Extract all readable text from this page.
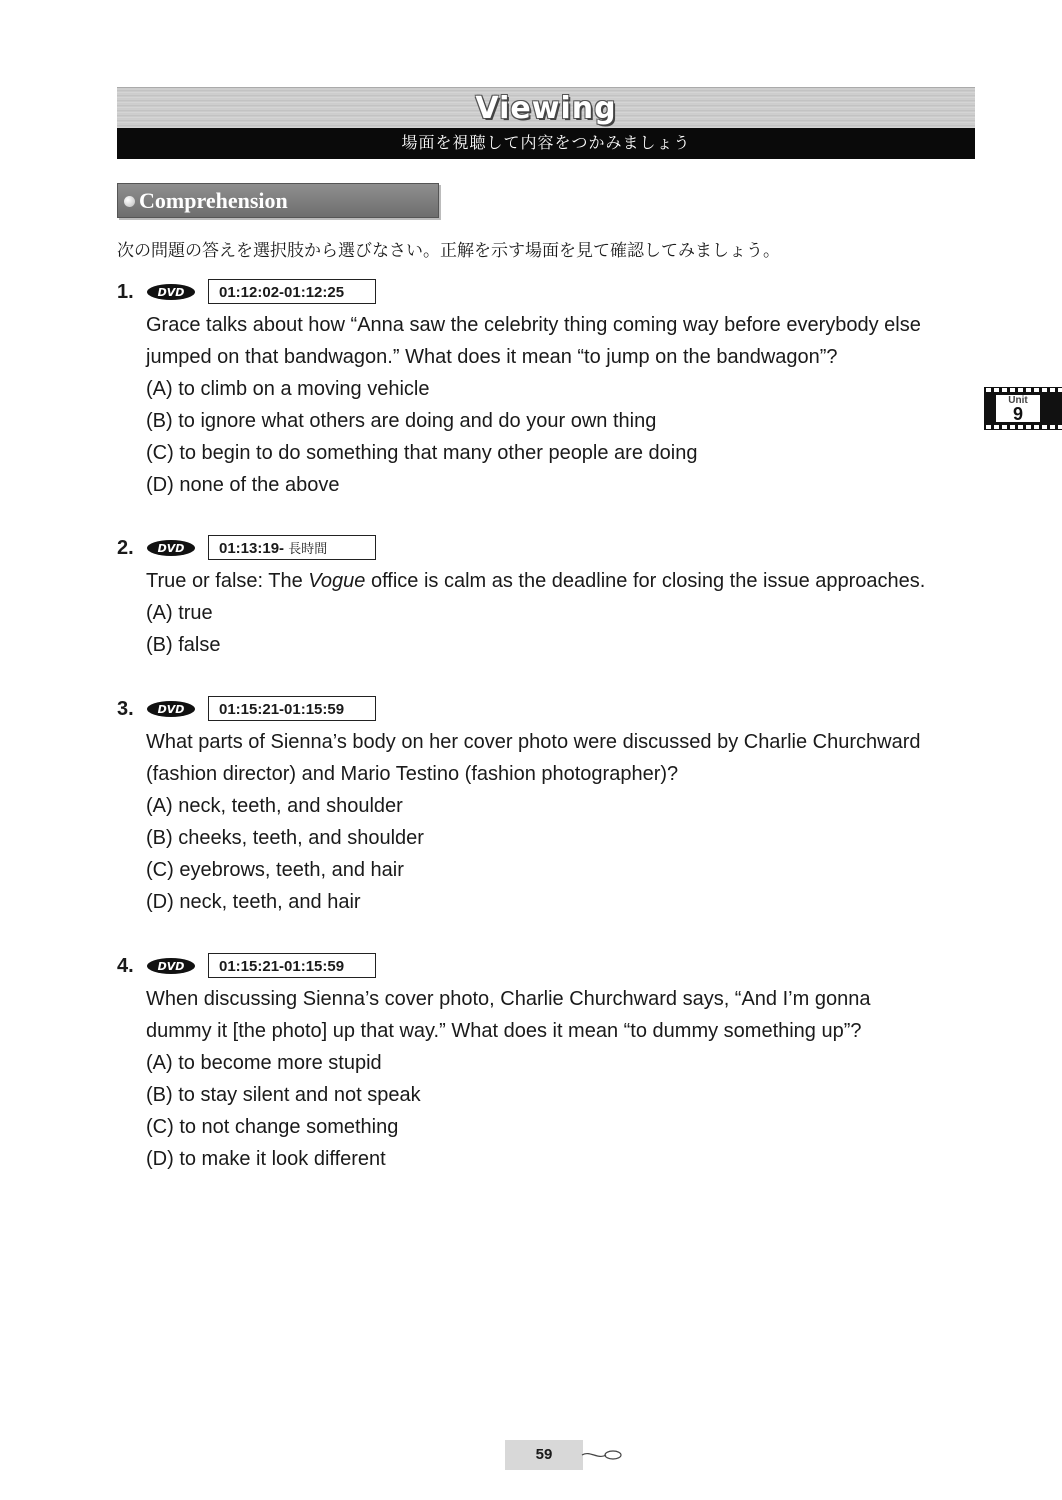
Viewing
場面を視聴して内容をつかみましょう
Comprehension
次の問題の答えを選択肢から選びなさい。正解を示す場面を見て確認してみましょう。
1. DVD	01:12:02-01:12:25
Grace talks about how “Anna saw the celebrity thing coming way before everybody else
jumped on that bandwagon.” What does it mean “to jump on the bandwagon”?
(A) to climb on a moving vehicle
(B) to ignore what others are doing and do your own thing
(C) to begin to do something that many other people are doing
(D) none of the above
2. DVD	01:13:19- 長時間
True or false: The Vogue office is calm as the deadline for closing the issue approaches.
(A) true
(B) false
3. DVD	01:15:21-01:15:59
What parts of Sienna’s body on her cover photo were discussed by Charlie Churchward
(fashion director) and Mario Testino (fashion photographer)?
(A) neck, teeth, and shoulder
(B) cheeks, teeth, and shoulder
(C) eyebrows, teeth, and hair
(D) neck, teeth, and hair
4. DVD	01:15:21-01:15:59
When discussing Sienna’s cover photo, Charlie Churchward says, “And I’m gonna
dummy it [the photo] up that way.” What does it mean “to dummy something up”?
(A) to become more stupid
(B) to stay silent and not speak
(C) to not change something
(D) to make it look different
Unit
9
59
